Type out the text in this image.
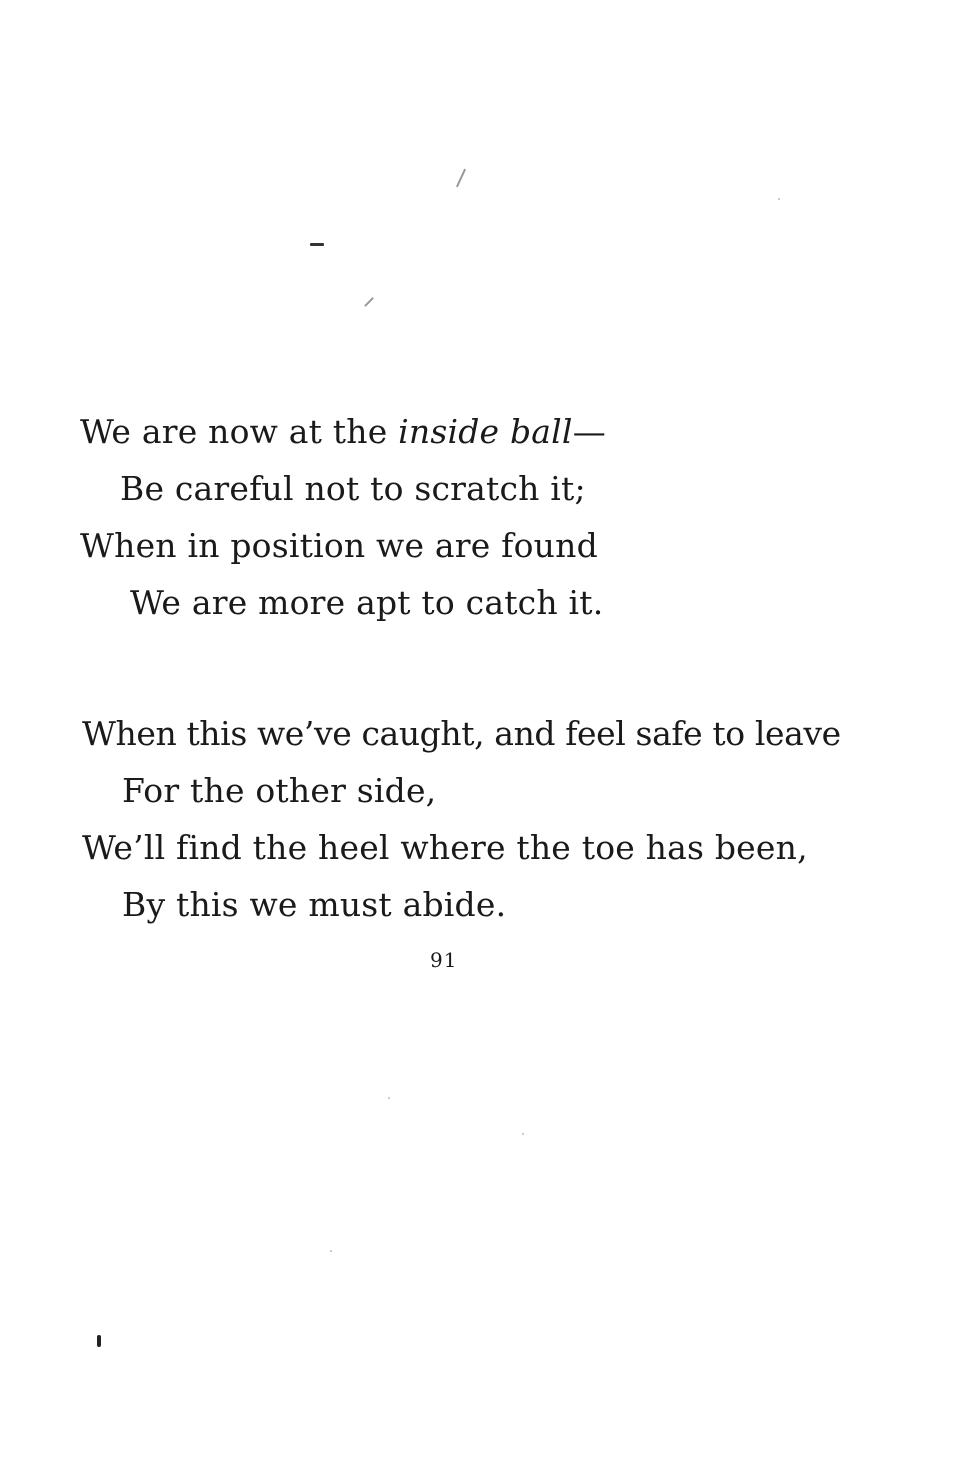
We are now at the inside ball—
Be careful not to scratch it;
When in position we are found
We are more apt to catch it.
When this we’ve caught, and feel safe to leave
For the other side,
We’ll find the heel where the toe has been,
By this we must abide.
91
